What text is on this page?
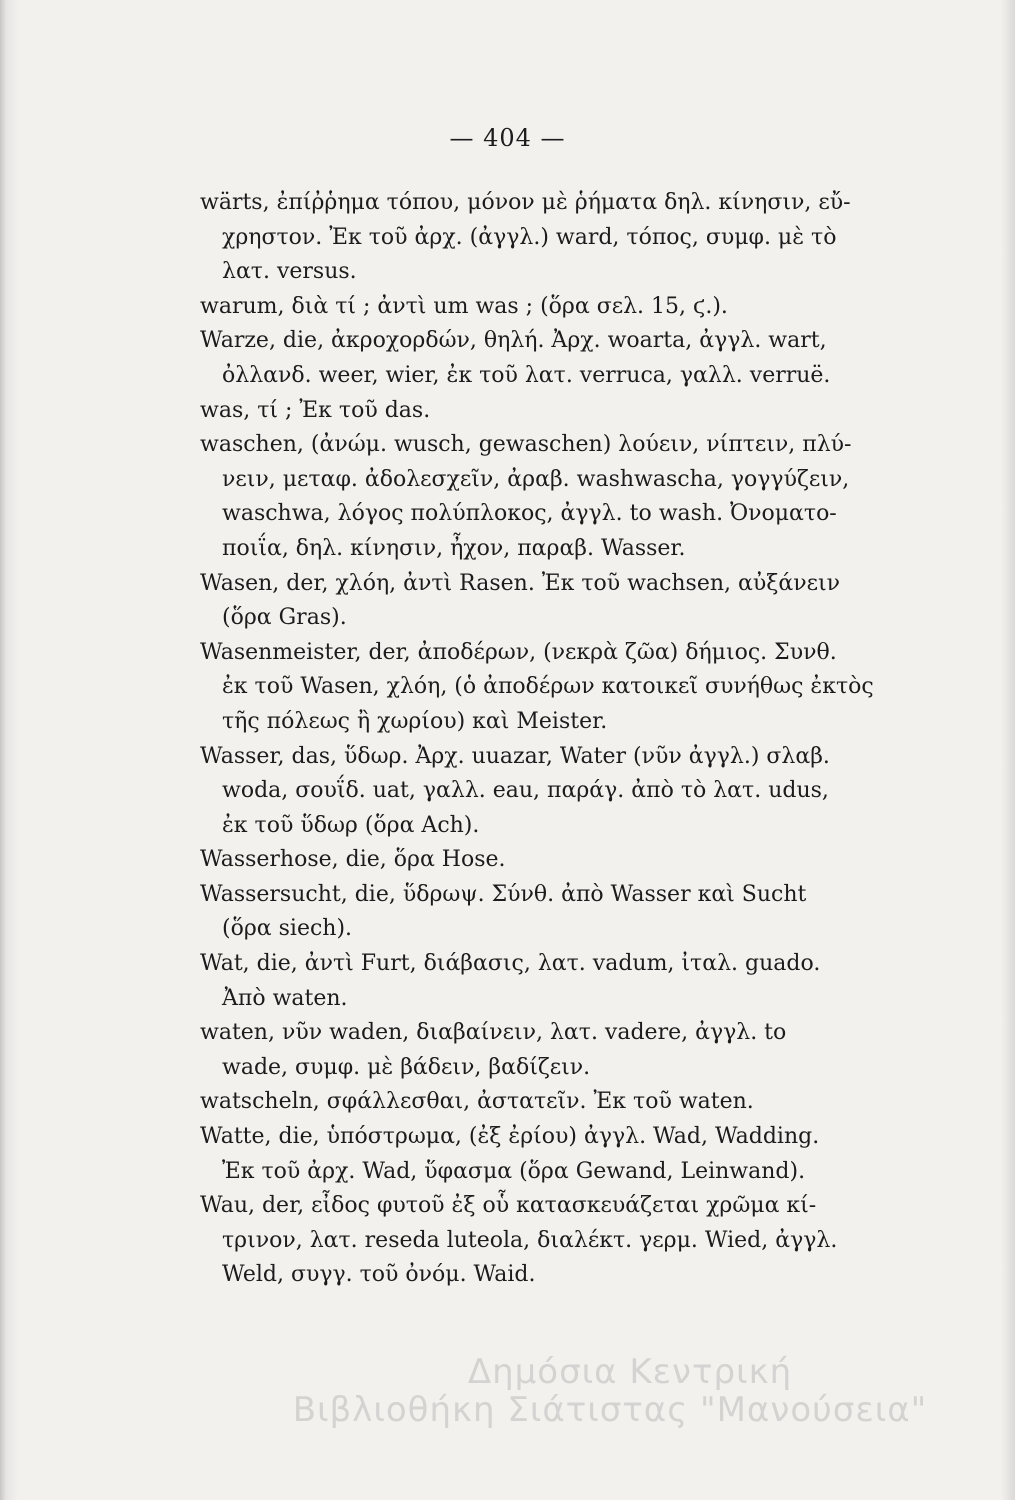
— 404 —
wärts, ἐπίῤῥημα τόπου, μόνον μὲ ῥήματα δηλ. κίνησιν, εὔ-
χρηστον. Ἐκ τοῦ ἀρχ. (ἀγγλ.) ward, τόπος, συμφ. μὲ τὸ
λατ. versus.
warum, διὰ τί ; ἀντὶ um was ; (ὅρα σελ. 15, ϛ.).
Warze, die, ἀκροχορδών, θηλή. Ἀρχ. woarta, ἀγγλ. wart,
ὀλλανδ. weer, wier, ἐκ τοῦ λατ. verruca, γαλλ. verruë.
was, τί ; Ἐκ τοῦ das.
waschen, (ἀνώμ. wusch, gewaschen) λούειν, νίπτειν, πλύ-
νειν, μεταφ. ἀδολεσχεῖν, ἀραβ. washwascha, γογγύζειν,
waschwa, λόγος πολύπλοκος, ἀγγλ. to wash. Ὀνοματο-
ποιΐα, δηλ. κίνησιν, ἦχον, παραβ. Wasser.
Wasen, der, χλόη, ἀντὶ Rasen. Ἐκ τοῦ wachsen, αὐξάνειν
(ὅρα Gras).
Wasenmeister, der, ἀποδέρων, (νεκρὰ ζῶα) δήμιος. Συνθ.
ἐκ τοῦ Wasen, χλόη, (ὁ ἀποδέρων κατοικεῖ συνήθως ἐκτὸς
τῆς πόλεως ἢ χωρίου) καὶ Meister.
Wasser, das, ὕδωρ. Ἀρχ. uuazar, Water (νῦν ἀγγλ.) σλαβ.
woda, σουΐδ. uat, γαλλ. eau, παράγ. ἀπὸ τὸ λατ. udus,
ἐκ τοῦ ὕδωρ (ὅρα Ach).
Wasserhose, die, ὅρα Hose.
Wassersucht, die, ὕδρωψ. Σύνθ. ἀπὸ Wasser καὶ Sucht
(ὅρα siech).
Wat, die, ἀντὶ Furt, διάβασις, λατ. vadum, ἰταλ. guado.
Ἀπὸ waten.
waten, νῦν waden, διαβαίνειν, λατ. vadere, ἀγγλ. to
wade, συμφ. μὲ βάδειν, βαδίζειν.
watscheln, σφάλλεσθαι, ἀστατεῖν. Ἐκ τοῦ waten.
Watte, die, ὑπόστρωμα, (ἐξ ἐρίου) ἀγγλ. Wad, Wadding.
Ἐκ τοῦ ἀρχ. Wad, ὕφασμα (ὅρα Gewand, Leinwand).
Wau, der, εἶδος φυτοῦ ἐξ οὗ κατασκευάζεται χρῶμα κί-
τρινον, λατ. reseda luteola, διαλέκτ. γερμ. Wied, ἀγγλ.
Weld, συγγ. τοῦ ὀνόμ. Waid.
Δημόσια Κεντρική
Βιβλιοθήκη Σιάτιστας "Μανούσεια"
